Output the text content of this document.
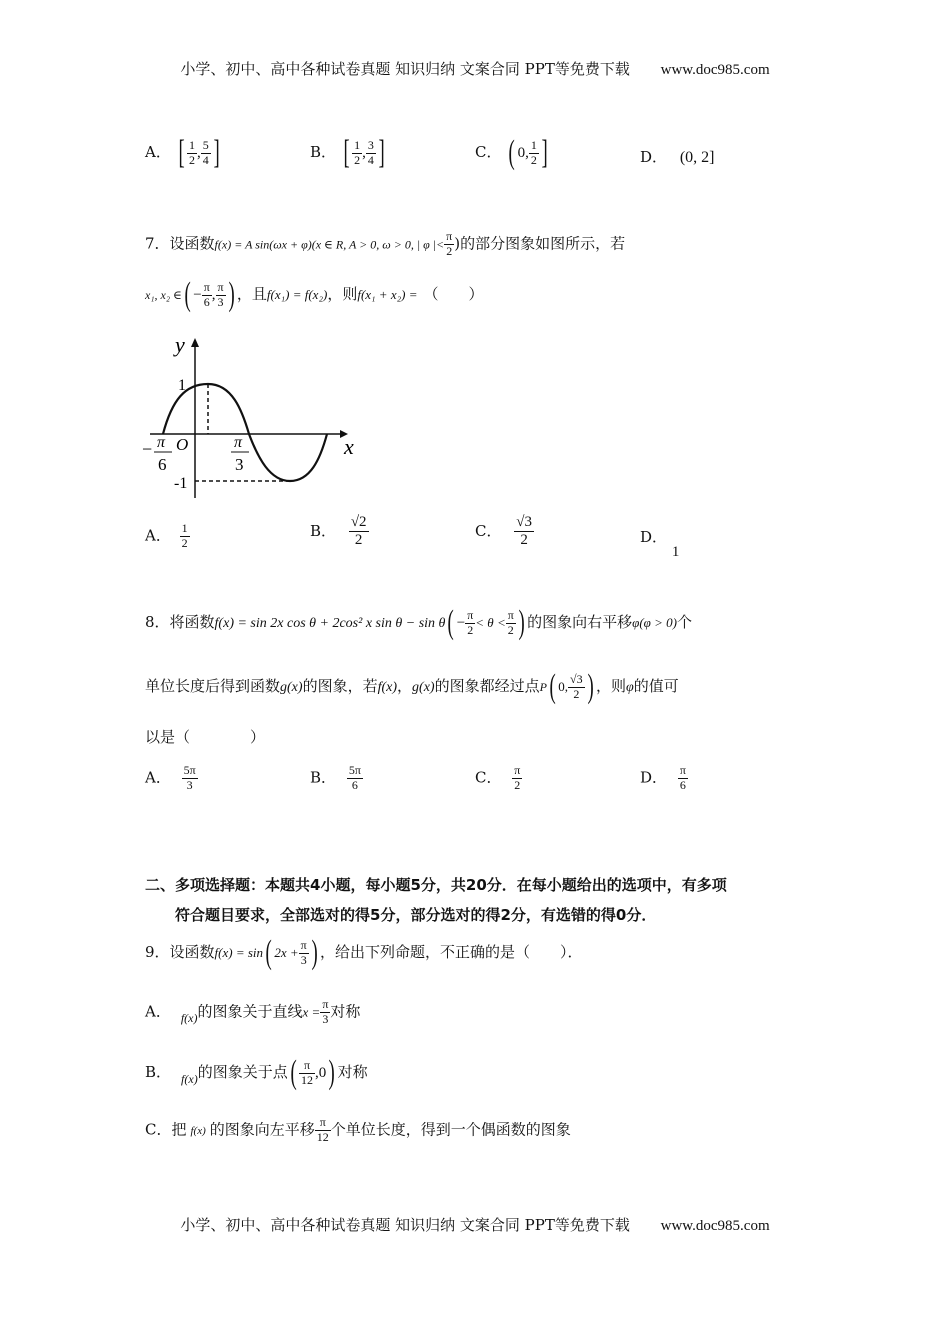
小学、初中、高中各种试卷真题 知识归纳 文案合同 PPT等免费下载 www.doc985.com
A． [ $\frac{1}{2}$ , $\frac{5}{4}$ ]	B． [ $\frac{1}{2}$ , $\frac{3}{4}$ ]	C． ( 0, $\frac{1}{2}$ ]	D． (0, 2]
7．设函数f(x) = A sin(ωx + φ)(x ∈ R, A > 0, ω > 0, | φ |< $\frac{\pi}{2}$ )的部分图象如图所示，若
x₁, x₂ ∈( − $\frac{\pi}{6}$ , $\frac{\pi}{3}$ ) ，且f(x₁) = f(x₂)，则f(x₁ + x₂) = （　　）
y
x
O
1
-1
− π
6
π
3
A． $\frac{1}{2}$	B． $\frac{√2}{2}$	C． $\frac{√3}{2}$	D． 1
8．将函数f(x) = sin 2x cos θ + 2cos² x $\sin \theta - \sin \theta( - \frac{\pi}{2} < \theta < \frac{\pi}{2}$ ) 的图象向右平移φ(φ > 0)个
单位长度后得到函数g(x)的图象，若f(x)，g(x)的图象都经过点P( 0, $\frac{√3}{2}$ ) ，则φ的值可
以是（　　　　）
A． $\frac{5\pi}{3}$	B． $\frac{5\pi}{6}$	C． $\frac{\pi}{2}$	D． $\frac{\pi}{6}$
二、多项选择题：本题共4小题，每小题5分，共20分．在每小题给出的选项中，有多项
符合题目要求，全部选对的得5分，部分选对的得2分，有选错的得0分．
9．设函数f(x) = sin( $2x + \frac{\pi}{3}$ ) ，给出下列命题，不正确的是（　　）．
A． $_{f(x)}$的图象关于直线$x = \frac{\pi}{3}$ 对称
B． $_{f(x)}$的图象关于点( $\frac{\pi}{12} ,0$) 对称
C．把 f(x) 的图象向左平移 $\frac{\pi}{12}$ 个单位长度，得到一个偶函数的图象
小学、初中、高中各种试卷真题 知识归纳 文案合同 PPT等免费下载 www.doc985.com
